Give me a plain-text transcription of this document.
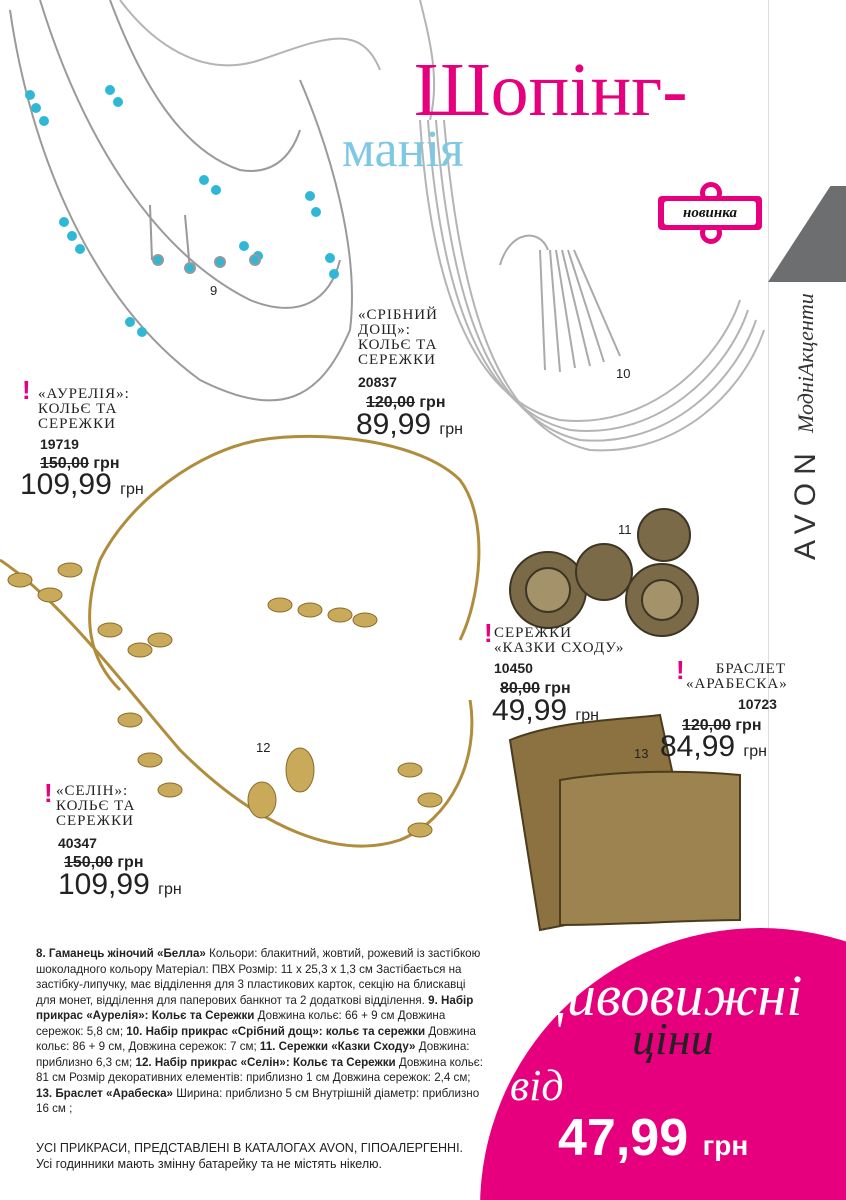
AVON
МодніАкценти
Шопінг-
манія
новинка
9
! «АУРЕЛІЯ»: КОЛЬЄ ТА СЕРЕЖКИ
19719
150,00 грн
109,99 грн
«СРІБНИЙ ДОЩ»: КОЛЬЄ ТА СЕРЕЖКИ
20837
120,00 грн
89,99 грн
10
11
! СЕРЕЖКИ «КАЗКИ СХОДУ»
10450
80,00 грн
49,99 грн
!	БРАСЛЕТ «АРАБЕСКА»
10723
120,00 грн
84,99 грн
13
12
! «СЕЛІН»: КОЛЬЄ ТА СЕРЕЖКИ
40347
150,00 грн
109,99 грн
8. Гаманець жіночий «Белла» Кольори: блакитний, жовтий, рожевий із застібкою шоколадного кольору Матеріал: ПВХ Розмір: 11 х 25,3 х 1,3 см Застібається на застібку-липучку, має відділення для 3 пластикових карток, секцію на блискавці для монет, відділення для паперових банкнот та 2 додаткові відділення. 9. Набір прикрас «Аурелія»: Кольє та Сережки Довжина кольє: 66 + 9 см Довжина сережок: 5,8 см; 10. Набір прикрас «Срібний дощ»: кольє та сережки Довжина кольє: 86 + 9 см, Довжина сережок: 7 см; 11. Сережки «Казки Сходу» Довжина: приблизно 6,3 см; 12. Набір прикрас «Селін»: Кольє та Сережки Довжина кольє: 81 см Розмір декоративних елементів: приблизно 1 см Довжина сережок: 2,4 см; 13. Браслет «Арабеска» Ширина: приблизно 5 см Внутрішній діаметр: приблизно 16 см ;
УСІ ПРИКРАСИ, ПРЕДСТАВЛЕНІ В КАТАЛОГАХ AVON, ГІПОАЛЕРГЕННІ.
Усі годинники мають змінну батарейку та не містять нікелю.
Дивовижні
ціни
від
47,99 грн
